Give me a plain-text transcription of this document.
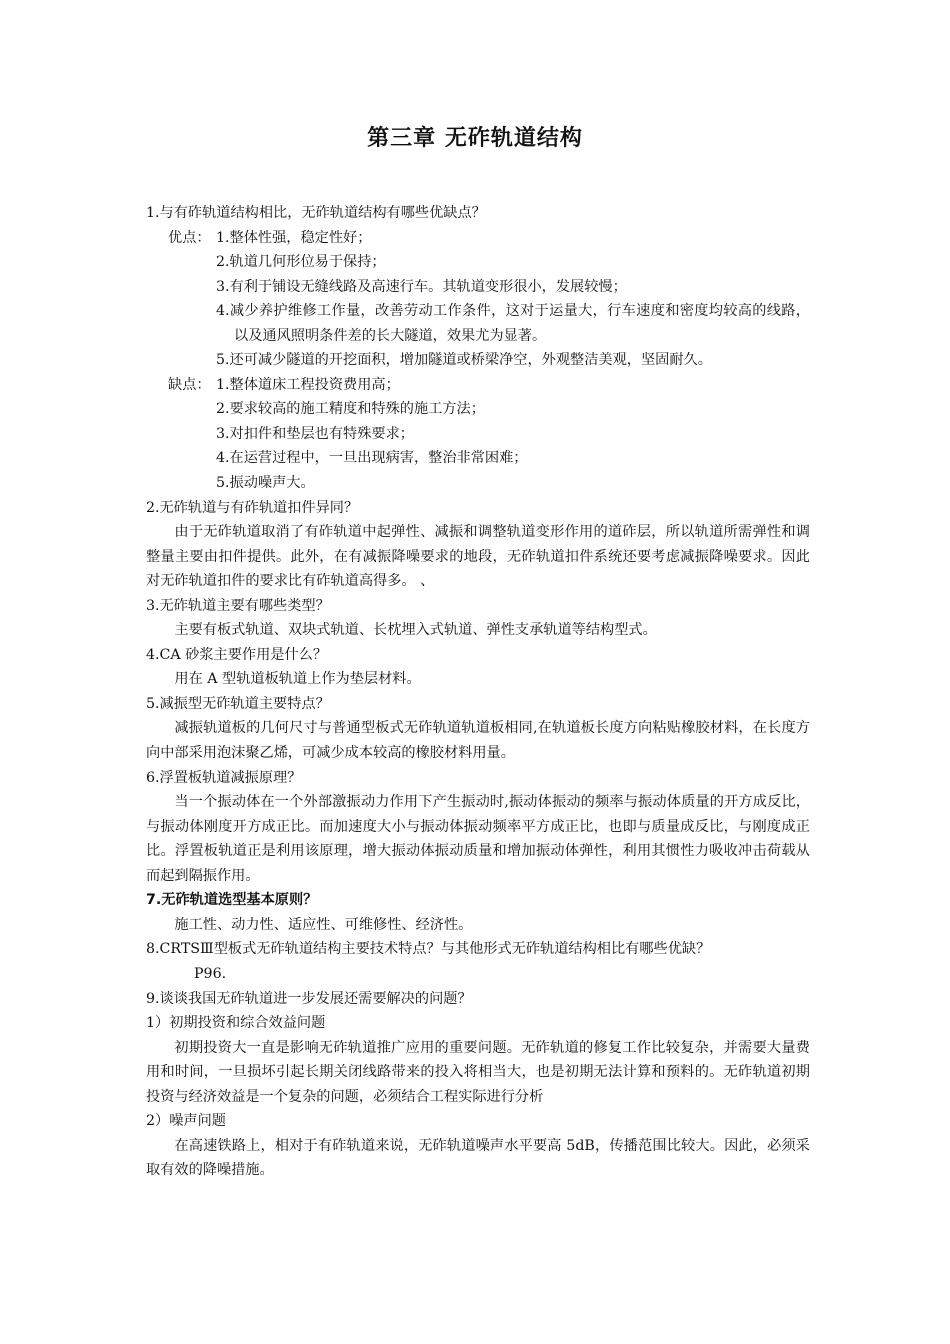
第三章 无砟轨道结构

1.与有砟轨道结构相比，无砟轨道结构有哪些优缺点？

优点： 1.整体性强，稳定性好；

2.轨道几何形位易于保持；

3.有利于铺设无缝线路及高速行车。其轨道变形很小，发展较慢；

4.减少养护维修工作量，改善劳动工作条件，这对于运量大，行车速度和密度均较高的线路，以及通风照明条件差的长大隧道，效果尤为显著。

5.还可减少隧道的开挖面积，增加隧道或桥梁净空，外观整洁美观，坚固耐久。

缺点： 1.整体道床工程投资费用高；

2.要求较高的施工精度和特殊的施工方法；

3.对扣件和垫层也有特殊要求；

4.在运营过程中，一旦出现病害，整治非常困难；

5.振动噪声大。

2.无砟轨道与有砟轨道扣件异同？

由于无砟轨道取消了有砟轨道中起弹性、减振和调整轨道变形作用的道砟层，所以轨道所需弹性和调整量主要由扣件提供。此外，在有减振降噪要求的地段，无砟轨道扣件系统还要考虑减振降噪要求。因此对无砟轨道扣件的要求比有砟轨道高得多。 、

3.无砟轨道主要有哪些类型？

主要有板式轨道、双块式轨道、长枕埋入式轨道、弹性支承轨道等结构型式。

4.CA 砂浆主要作用是什么？

用在 A 型轨道板轨道上作为垫层材料。

5.减振型无砟轨道主要特点？

减振轨道板的几何尺寸与普通型板式无砟轨道轨道板相同,在轨道板长度方向粘贴橡胶材料，在长度方向中部采用泡沫聚乙烯，可减少成本较高的橡胶材料用量。

6.浮置板轨道减振原理？

当一个振动体在一个外部激振动力作用下产生振动时,振动体振动的频率与振动体质量的开方成反比，与振动体刚度开方成正比。而加速度大小与振动体振动频率平方成正比，也即与质量成反比，与刚度成正比。浮置板轨道正是利用该原理，增大振动体振动质量和增加振动体弹性，利用其惯性力吸收冲击荷载从而起到隔振作用。

7.无砟轨道选型基本原则？

施工性、动力性、适应性、可维修性、经济性。

8.CRTSⅢ型板式无砟轨道结构主要技术特点？与其他形式无砟轨道结构相比有哪些优缺？

P96.

9.谈谈我国无砟轨道进一步发展还需要解决的问题？

1）初期投资和综合效益问题

初期投资大一直是影响无砟轨道推广应用的重要问题。无砟轨道的修复工作比较复杂，并需要大量费用和时间，一旦损坏引起长期关闭线路带来的投入将相当大，也是初期无法计算和预料的。无砟轨道初期投资与经济效益是一个复杂的问题，必须结合工程实际进行分析

2）噪声问题

在高速铁路上，相对于有砟轨道来说，无砟轨道噪声水平要高 5dB，传播范围比较大。因此，必须采取有效的降噪措施。
